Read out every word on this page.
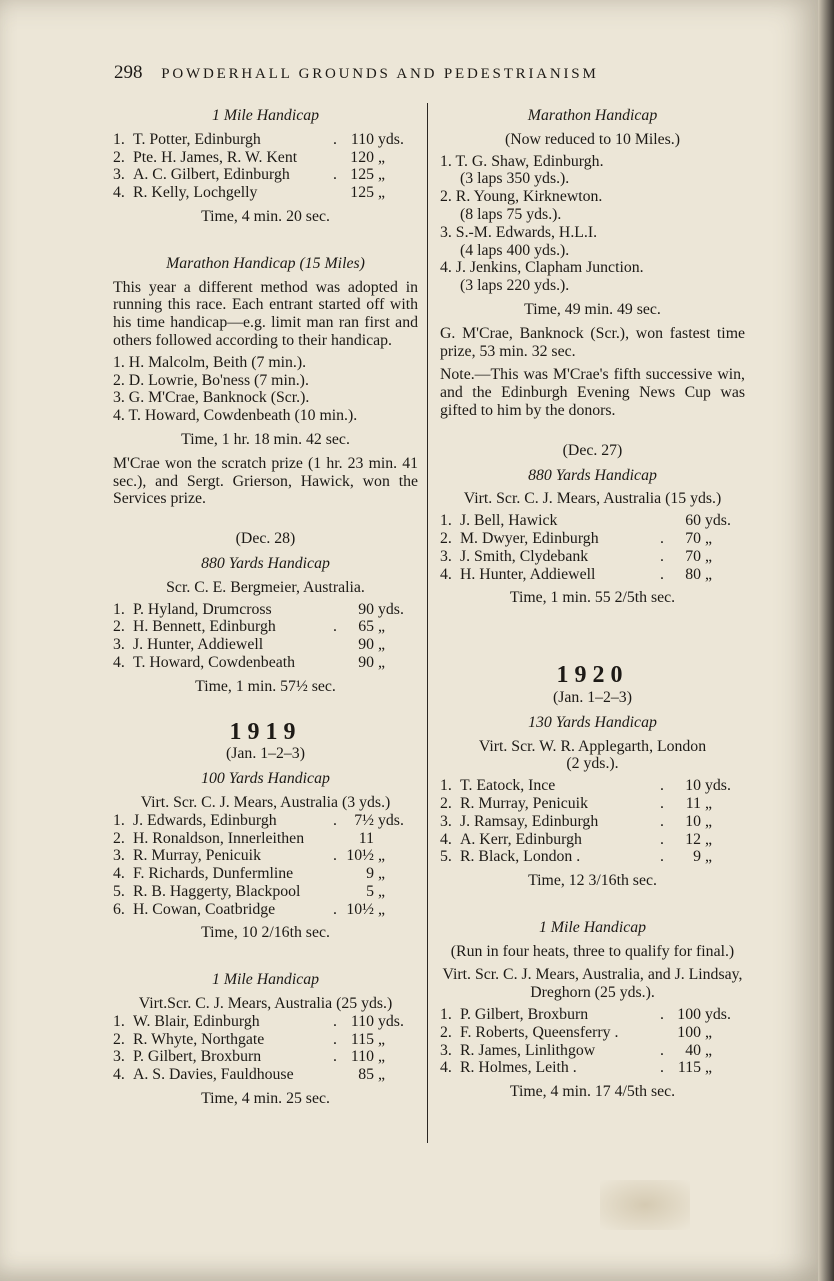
298 POWDERHALL GROUNDS AND PEDESTRIANISM
1 Mile Handicap
1. T. Potter, Edinburgh	. 110 yds.
2. Pte. H. James, R. W. Kent	120 „
3. A. C. Gilbert, Edinburgh	. 125 „
4. R. Kelly, Lochgelly	125 „
Time, 4 min. 20 sec.
Marathon Handicap (15 Miles)
This year a different method was adopted in running this race. Each entrant started off with his time handicap—e.g. limit man ran first and others followed according to their handicap.
1. H. Malcolm, Beith (7 min.).
2. D. Lowrie, Bo'ness (7 min.).
3. G. M'Crae, Banknock (Scr.).
4. T. Howard, Cowdenbeath (10 min.).
Time, 1 hr. 18 min. 42 sec.
M'Crae won the scratch prize (1 hr. 23 min. 41 sec.), and Sergt. Grierson, Hawick, won the Services prize.
(Dec. 28)
880 Yards Handicap
Scr. C. E. Bergmeier, Australia.
1. P. Hyland, Drumcross	90 yds.
2. H. Bennett, Edinburgh	.	65 „
3. J. Hunter, Addiewell	90 „
4. T. Howard, Cowdenbeath	90 „
Time, 1 min. 57½ sec.
1919
(Jan. 1–2–3)
100 Yards Handicap
Virt. Scr. C. J. Mears, Australia (3 yds.)
1. J. Edwards, Edinburgh	.	7½ yds.
2. H. Ronaldson, Innerleithen	11
3. R. Murray, Penicuik	. 10½ „
4. F. Richards, Dunfermline	9 „
5. R. B. Haggerty, Blackpool	5 „
6. H. Cowan, Coatbridge	. 10½ „
Time, 10 2/16th sec.
1 Mile Handicap
Virt.Scr. C. J. Mears, Australia (25 yds.)
1. W. Blair, Edinburgh	. 110 yds.
2. R. Whyte, Northgate	. 115 „
3. P. Gilbert, Broxburn	. 110 „
4. A. S. Davies, Fauldhouse	85 „
Time, 4 min. 25 sec.
Marathon Handicap
(Now reduced to 10 Miles.)
1. T. G. Shaw, Edinburgh.
(3 laps 350 yds.).
2. R. Young, Kirknewton.
(8 laps 75 yds.).
3. S.-M. Edwards, H.L.I.
(4 laps 400 yds.).
4. J. Jenkins, Clapham Junction.
(3 laps 220 yds.).
Time, 49 min. 49 sec.
G. M'Crae, Banknock (Scr.), won fastest time prize, 53 min. 32 sec.
Note.—This was M'Crae's fifth successive win, and the Edinburgh Evening News Cup was gifted to him by the donors.
(Dec. 27)
880 Yards Handicap
Virt. Scr. C. J. Mears, Australia (15 yds.)
1. J. Bell, Hawick	60 yds.
2. M. Dwyer, Edinburgh	.	70 „
3. J. Smith, Clydebank	.	70 „
4. H. Hunter, Addiewell	.	80 „
Time, 1 min. 55 2/5th sec.
1920
(Jan. 1–2–3)
130 Yards Handicap
Virt. Scr. W. R. Applegarth, London
(2 yds.).
1. T. Eatock, Ince	.	10 yds.
2. R. Murray, Penicuik	.	11 „
3. J. Ramsay, Edinburgh	.	10 „
4. A. Kerr, Edinburgh	.	12 „
5. R. Black, London .	.	9 „
Time, 12 3/16th sec.
1 Mile Handicap
(Run in four heats, three to qualify for final.)
Virt. Scr. C. J. Mears, Australia, and J. Lindsay, Dreghorn (25 yds.).
1. P. Gilbert, Broxburn	. 100 yds.
2. F. Roberts, Queensferry .	100 „
3. R. James, Linlithgow	.	40 „
4. R. Holmes, Leith .	. 115 „
Time, 4 min. 17 4/5th sec.
